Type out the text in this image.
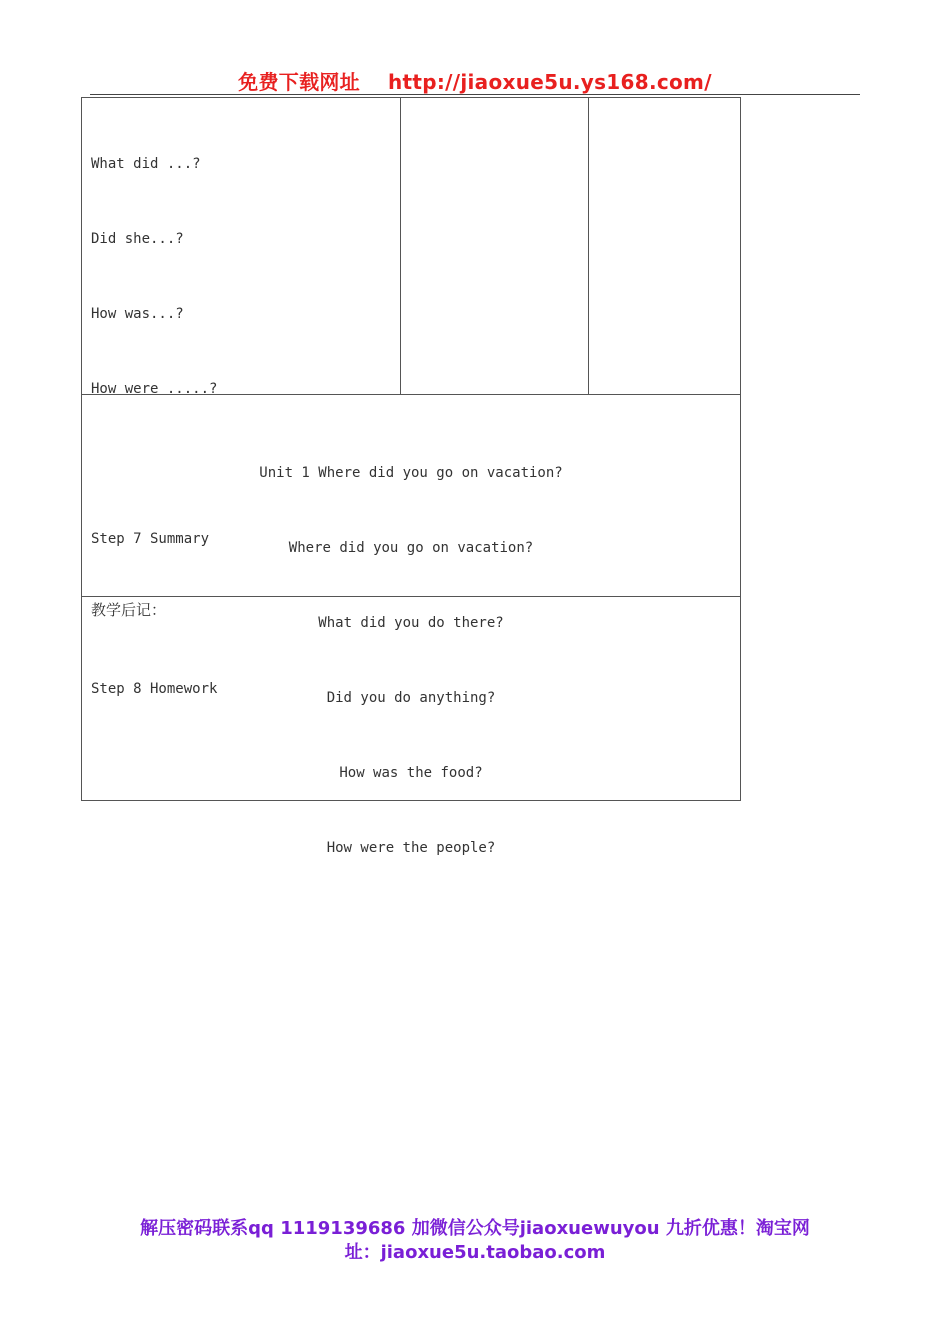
免费下载网址 http://jiaoxue5u.ys168.com/

What did ...?

Did she...?

How was...?

How were .....?

Step 7 Summary

Step 8 Homework

Unit 1 Where did you go on vacation?

Where did you go on vacation?

What did you do there?

Did you do anything?

How was the food?

How were the people?

教学后记：
解压密码联系qq 1119139686 加微信公众号jiaoxuewuyou 九折优惠！淘宝网
址：jiaoxue5u.taobao.com
